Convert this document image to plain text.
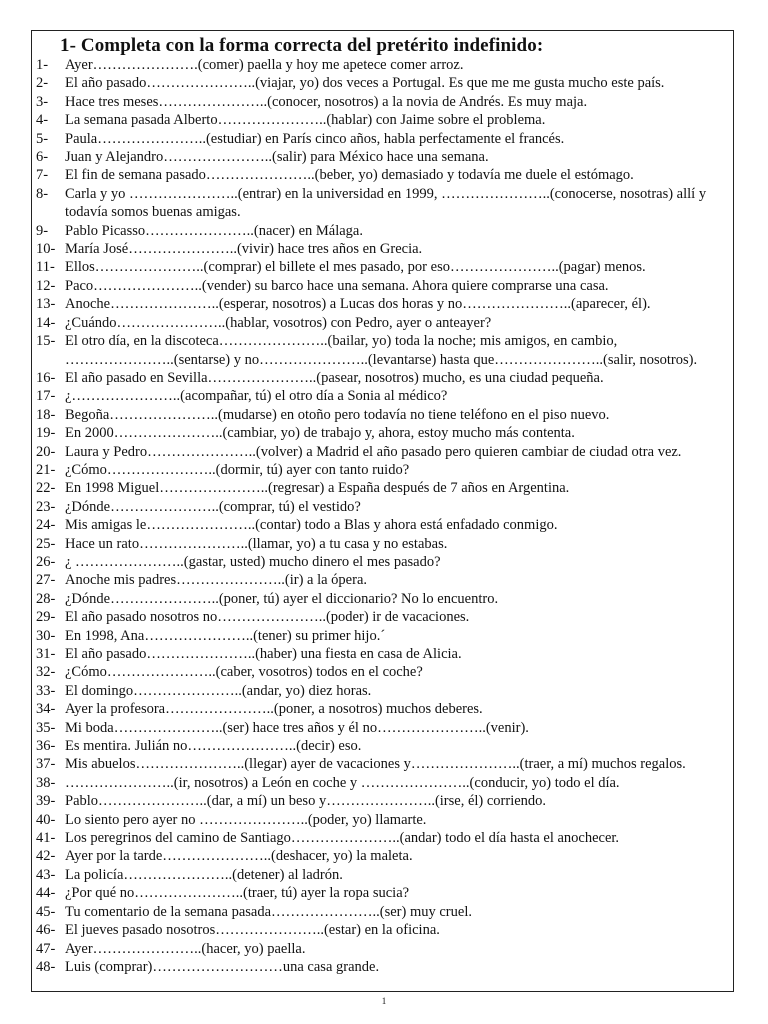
1- Completa con la forma correcta del pretérito indefinido:
1- Ayer………………….(comer) paella y hoy me apetece comer arroz.
2- El año pasado…………………..(viajar, yo) dos veces a Portugal. Es que me me gusta mucho este país.
3- Hace tres meses…………………..(conocer, nosotros) a la novia de Andrés. Es muy maja.
4- La semana pasada Alberto…………………..(hablar) con Jaime sobre el problema.
5- Paula…………………..(estudiar) en París cinco años, habla perfectamente el francés.
6- Juan y Alejandro…………………..(salir) para México hace una semana.
7- El fin de semana pasado…………………..(beber, yo) demasiado y todavía me duele el estómago.
8- Carla y yo …………………..(entrar) en la universidad en 1999, …………………..(conocerse, nosotras) allí y todavía somos buenas amigas.
9- Pablo Picasso…………………..(nacer) en Málaga.
10- María José…………………..(vivir) hace tres años en Grecia.
11- Ellos…………………..(comprar) el billete el mes pasado, por eso…………………..(pagar) menos.
12- Paco…………………..(vender) su barco hace una semana. Ahora quiere comprarse una casa.
13- Anoche…………………..(esperar, nosotros) a Lucas dos horas y no…………………..(aparecer, él).
14- ¿Cuándo…………………..(hablar, vosotros) con Pedro, ayer o anteayer?
15- El otro día, en la discoteca…………………..(bailar, yo) toda la noche; mis amigos, en cambio, …………………..(sentarse) y no…………………..(levantarse) hasta que…………………..(salir, nosotros).
16- El año pasado en Sevilla…………………..(pasear, nosotros) mucho, es una ciudad pequeña.
17- ¿…………………..(acompañar, tú) el otro día a Sonia al médico?
18- Begoña…………………..(mudarse) en otoño pero todavía no tiene teléfono en el piso nuevo.
19- En 2000…………………..(cambiar, yo) de trabajo y, ahora, estoy mucho más contenta.
20- Laura y Pedro…………………..(volver) a Madrid el año pasado pero quieren cambiar de ciudad otra vez.
21- ¿Cómo…………………..(dormir, tú) ayer con tanto ruido?
22- En 1998 Miguel…………………..(regresar) a España después de 7 años en Argentina.
23- ¿Dónde…………………..(comprar, tú) el vestido?
24- Mis amigas le…………………..(contar) todo a Blas y ahora está enfadado conmigo.
25- Hace un rato…………………..(llamar, yo) a tu casa y no estabas.
26- ¿ …………………..(gastar, usted) mucho dinero el mes pasado?
27- Anoche mis padres…………………..(ir) a la ópera.
28- ¿Dónde…………………..(poner, tú) ayer el diccionario? No lo encuentro.
29- El año pasado nosotros no…………………..(poder) ir de vacaciones.
30- En 1998, Ana…………………..(tener) su primer hijo.´
31- El año pasado…………………..(haber) una fiesta en casa de Alicia.
32- ¿Cómo…………………..(caber, vosotros) todos en el coche?
33- El domingo…………………..(andar, yo) diez horas.
34- Ayer la profesora…………………..(poner, a nosotros) muchos deberes.
35- Mi boda…………………..(ser) hace tres años y él no…………………..(venir).
36- Es mentira. Julián no…………………..(decir) eso.
37- Mis abuelos…………………..(llegar) ayer de vacaciones y…………………..(traer, a mí) muchos regalos.
38- …………………..(ir, nosotros) a León en coche y …………………..(conducir, yo) todo el día.
39- Pablo…………………..(dar, a mí) un beso y…………………..(irse, él) corriendo.
40- Lo siento pero ayer no …………………..(poder, yo) llamarte.
41- Los peregrinos del camino de Santiago…………………..(andar) todo el día hasta el anochecer.
42- Ayer por la tarde…………………..(deshacer, yo) la maleta.
43- La policía…………………..(detener) al ladrón.
44- ¿Por qué no…………………..(traer, tú) ayer la ropa sucia?
45- Tu comentario de la semana pasada…………………..(ser) muy cruel.
46- El jueves pasado nosotros…………………..(estar) en la oficina.
47- Ayer…………………..(hacer, yo) paella.
48- Luis (comprar)………………………una casa grande.
1
